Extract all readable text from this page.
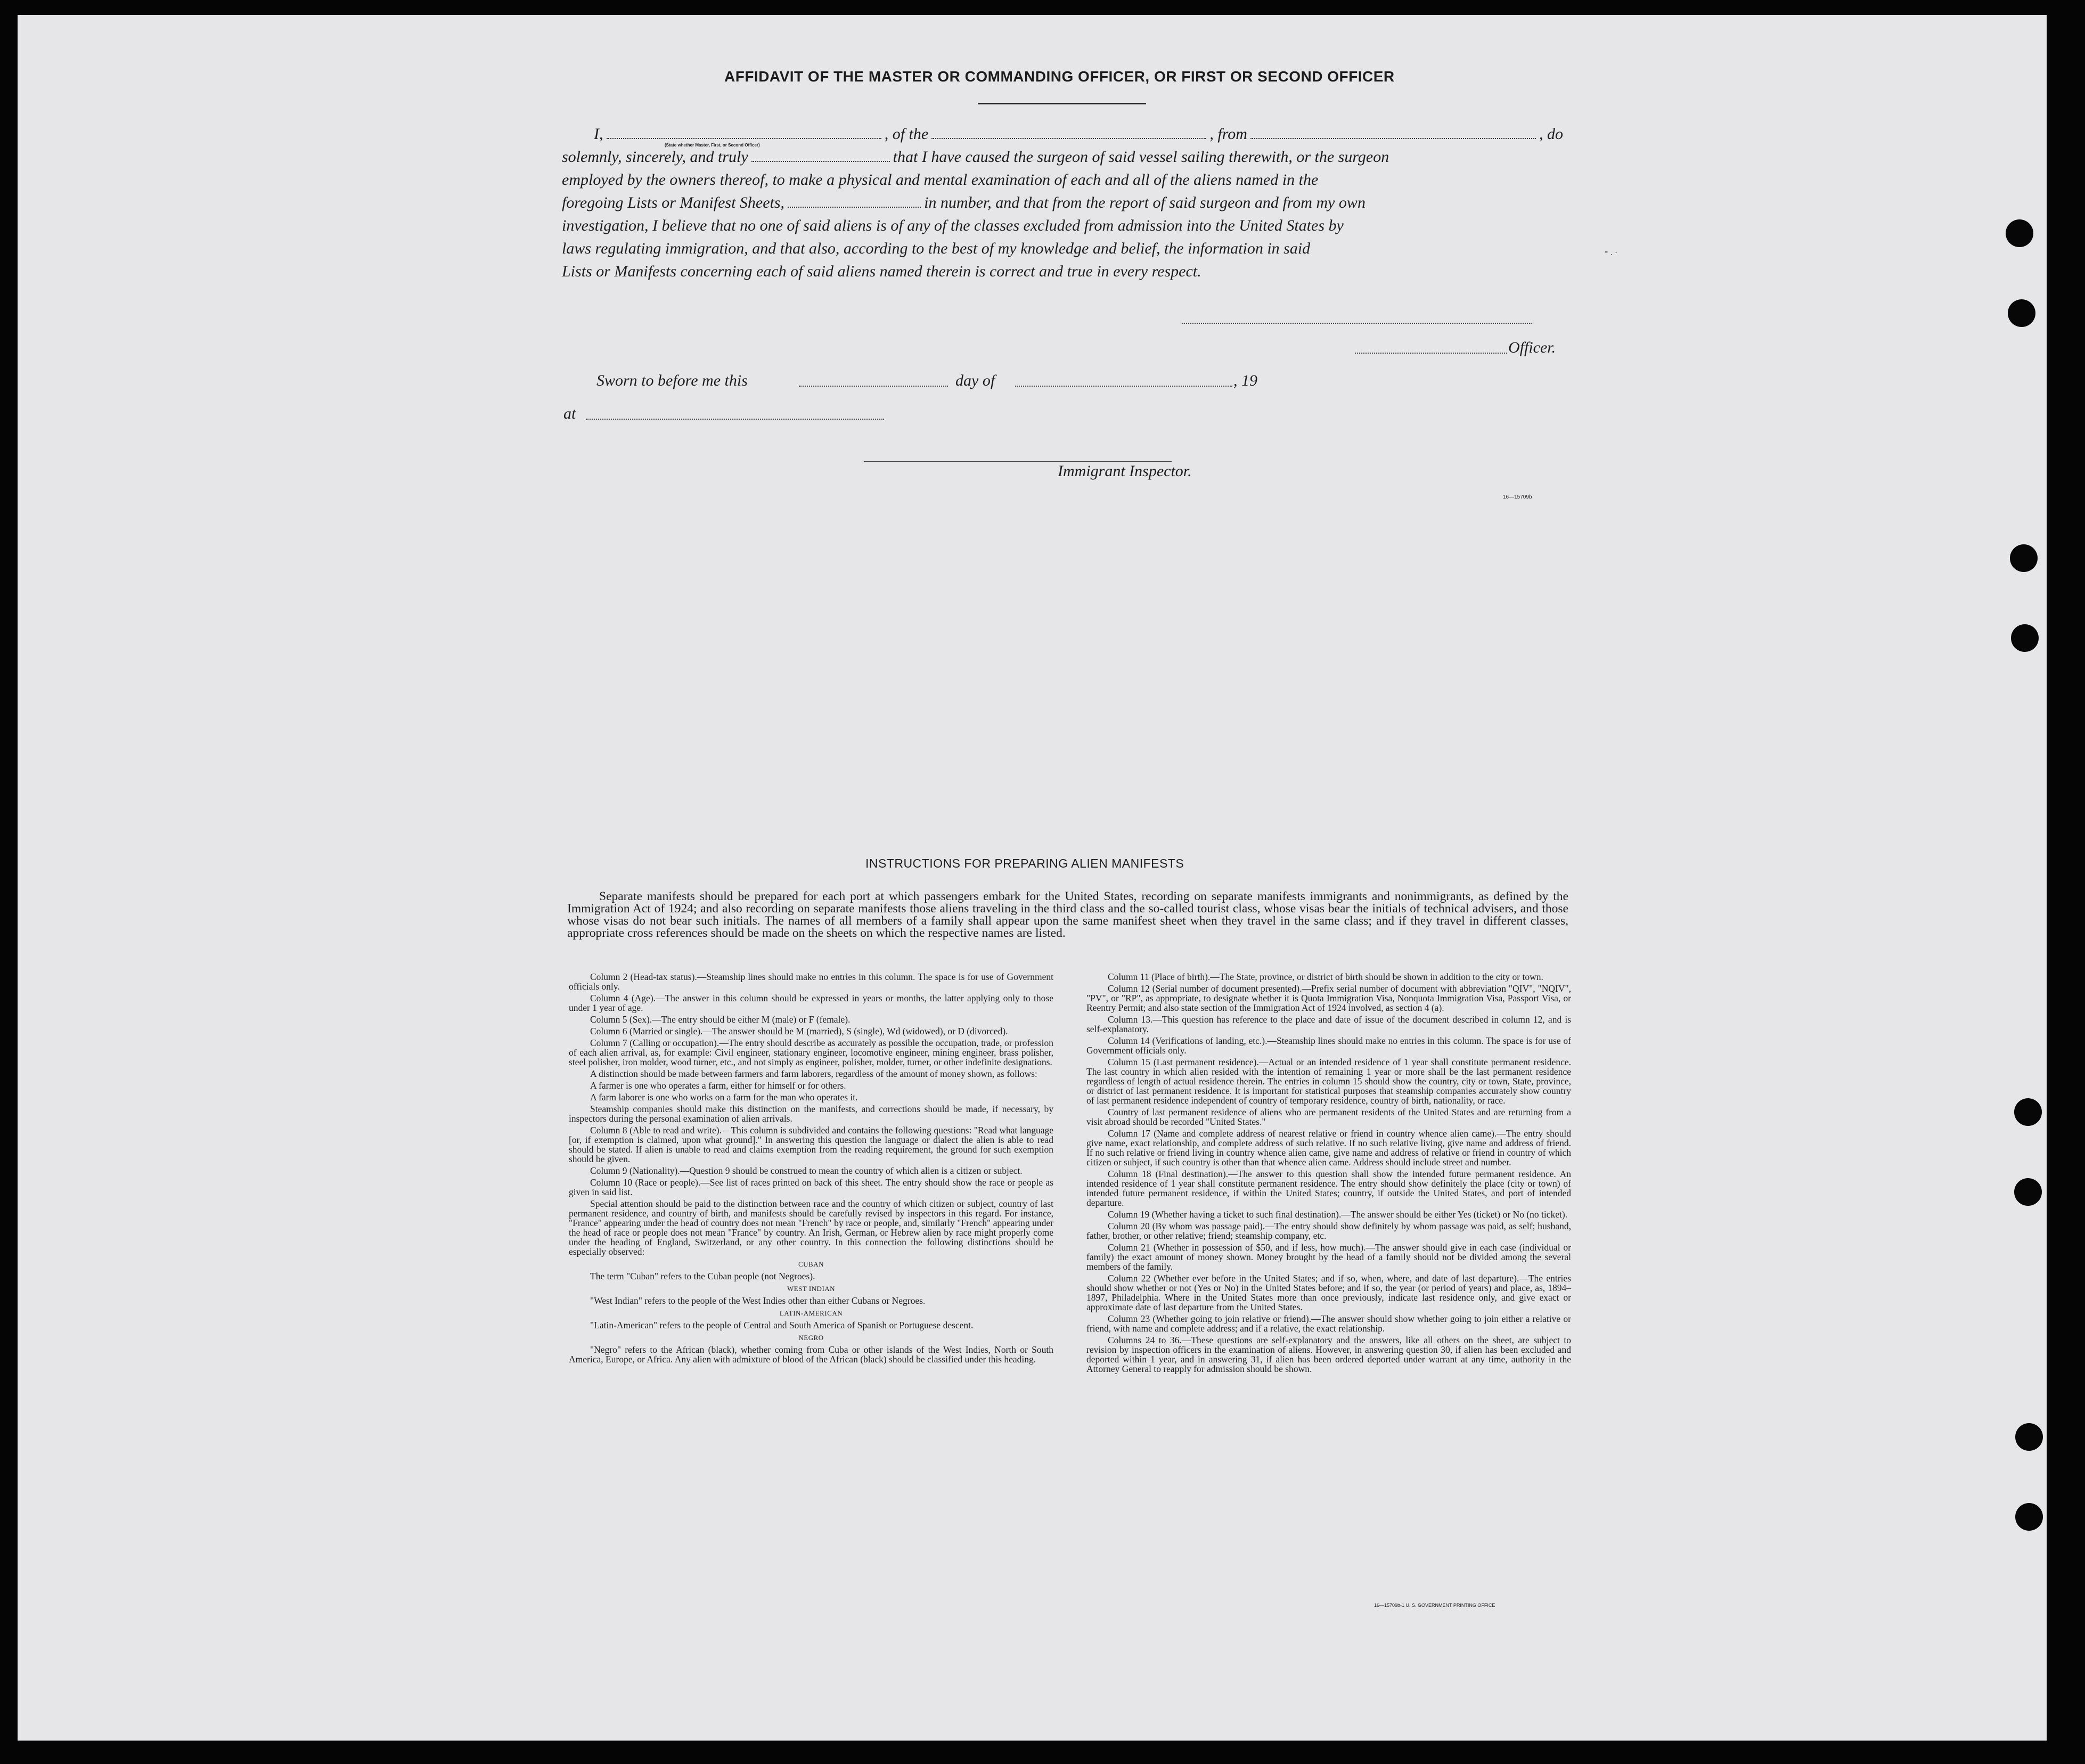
AFFIDAVIT OF THE MASTER OR COMMANDING OFFICER, OR FIRST OR SECOND OFFICER
I,	, of the	, from	, do
solemnly, sincerely, and truly	that I have caused the surgeon of said vessel sailing therewith, or the surgeon
employed by the owners thereof, to make a physical and mental examination of each and all of the aliens named in the
foregoing Lists or Manifest Sheets,	in number, and that from the report of said surgeon and from my own
investigation, I believe that no one of said aliens is of any of the classes excluded from admission into the United States by
laws regulating immigration, and that also, according to the best of my knowledge and belief, the information in said
Lists or Manifests concerning each of said aliens named therein is correct and true in every respect.
(State whether Master, First, or Second Officer)
⁃ . ·
Officer.
Sworn to before me this	day of	, 19
at
Immigrant Inspector.
16—15709b
INSTRUCTIONS FOR PREPARING ALIEN MANIFESTS
Separate manifests should be prepared for each port at which passengers embark for the United States, recording on separate manifests immigrants and nonimmigrants, as defined by the Immigration Act of 1924; and also recording on separate manifests those aliens traveling in the third class and the so-called tourist class, whose visas bear the initials of technical advisers, and those whose visas do not bear such initials. The names of all members of a family shall appear upon the same manifest sheet when they travel in the same class; and if they travel in different classes, appropriate cross references should be made on the sheets on which the respective names are listed.

Column 2 (Head-tax status).—Steamship lines should make no entries in this column. The space is for use of Government officials only.

Column 4 (Age).—The answer in this column should be expressed in years or months, the latter applying only to those under 1 year of age.

Column 5 (Sex).—The entry should be either M (male) or F (female).

Column 6 (Married or single).—The answer should be M (married), S (single), Wd (widowed), or D (divorced).

Column 7 (Calling or occupation).—The entry should describe as accurately as possible the occupation, trade, or profession of each alien arrival, as, for example: Civil engineer, stationary engineer, locomotive engineer, mining engineer, brass polisher, steel polisher, iron molder, wood turner, etc., and not simply as engineer, polisher, molder, turner, or other indefinite designations.

A distinction should be made between farmers and farm laborers, regardless of the amount of money shown, as follows:

A farmer is one who operates a farm, either for himself or for others.

A farm laborer is one who works on a farm for the man who operates it.

Steamship companies should make this distinction on the manifests, and corrections should be made, if necessary, by inspectors during the personal examination of alien arrivals.

Column 8 (Able to read and write).—This column is subdivided and contains the following questions: "Read what language [or, if exemption is claimed, upon what ground]." In answering this question the language or dialect the alien is able to read should be stated. If alien is unable to read and claims exemption from the reading requirement, the ground for such exemption should be given.

Column 9 (Nationality).—Question 9 should be construed to mean the country of which alien is a citizen or subject.

Column 10 (Race or people).—See list of races printed on back of this sheet. The entry should show the race or people as given in said list.

Special attention should be paid to the distinction between race and the country of which citizen or subject, country of last permanent residence, and country of birth, and manifests should be carefully revised by inspectors in this regard. For instance, "France" appearing under the head of country does not mean "French" by race or people, and, similarly "French" appearing under the head of race or people does not mean "France" by country. An Irish, German, or Hebrew alien by race might properly come under the heading of England, Switzerland, or any other country. In this connection the following distinctions should be especially observed:

CUBAN

The term "Cuban" refers to the Cuban people (not Negroes).

WEST INDIAN

"West Indian" refers to the people of the West Indies other than either Cubans or Negroes.

LATIN-AMERICAN

"Latin-American" refers to the people of Central and South America of Spanish or Portuguese descent.

NEGRO

"Negro" refers to the African (black), whether coming from Cuba or other islands of the West Indies, North or South America, Europe, or Africa. Any alien with admixture of blood of the African (black) should be classified under this heading.

Column 11 (Place of birth).—The State, province, or district of birth should be shown in addition to the city or town.

Column 12 (Serial number of document presented).—Prefix serial number of document with abbreviation "QIV", "NQIV", "PV", or "RP", as appropriate, to designate whether it is Quota Immigration Visa, Nonquota Immigration Visa, Passport Visa, or Reentry Permit; and also state section of the Immigration Act of 1924 involved, as section 4 (a).

Column 13.—This question has reference to the place and date of issue of the document described in column 12, and is self-explanatory.

Column 14 (Verifications of landing, etc.).—Steamship lines should make no entries in this column. The space is for use of Government officials only.

Column 15 (Last permanent residence).—Actual or an intended residence of 1 year shall constitute permanent residence. The last country in which alien resided with the intention of remaining 1 year or more shall be the last permanent residence regardless of length of actual residence therein. The entries in column 15 should show the country, city or town, State, province, or district of last permanent residence. It is important for statistical purposes that steamship companies accurately show country of last permanent residence independent of country of temporary residence, country of birth, nationality, or race.

Country of last permanent residence of aliens who are permanent residents of the United States and are returning from a visit abroad should be recorded "United States."

Column 17 (Name and complete address of nearest relative or friend in country whence alien came).—The entry should give name, exact relationship, and complete address of such relative. If no such relative living, give name and address of friend. If no such relative or friend living in country whence alien came, give name and address of relative or friend in country of which citizen or subject, if such country is other than that whence alien came. Address should include street and number.

Column 18 (Final destination).—The answer to this question shall show the intended future permanent residence. An intended residence of 1 year shall constitute permanent residence. The entry should show definitely the place (city or town) of intended future permanent residence, if within the United States; country, if outside the United States, and port of intended departure.

Column 19 (Whether having a ticket to such final destination).—The answer should be either Yes (ticket) or No (no ticket).

Column 20 (By whom was passage paid).—The entry should show definitely by whom passage was paid, as self; husband, father, brother, or other relative; friend; steamship company, etc.

Column 21 (Whether in possession of $50, and if less, how much).—The answer should give in each case (individual or family) the exact amount of money shown. Money brought by the head of a family should not be divided among the several members of the family.

Column 22 (Whether ever before in the United States; and if so, when, where, and date of last departure).—The entries should show whether or not (Yes or No) in the United States before; and if so, the year (or period of years) and place, as, 1894–1897, Philadelphia. Where in the United States more than once previously, indicate last residence only, and give exact or approximate date of last departure from the United States.

Column 23 (Whether going to join relative or friend).—The answer should show whether going to join either a relative or friend, with name and complete address; and if a relative, the exact relationship.

Columns 24 to 36.—These questions are self-explanatory and the answers, like all others on the sheet, are subject to revision by inspection officers in the examination of aliens. However, in answering question 30, if alien has been excluded and deported within 1 year, and in answering 31, if alien has been ordered deported under warrant at any time, authority in the Attorney General to reapply for admission should be shown.

16—15709b-1 U. S. GOVERNMENT PRINTING OFFICE
